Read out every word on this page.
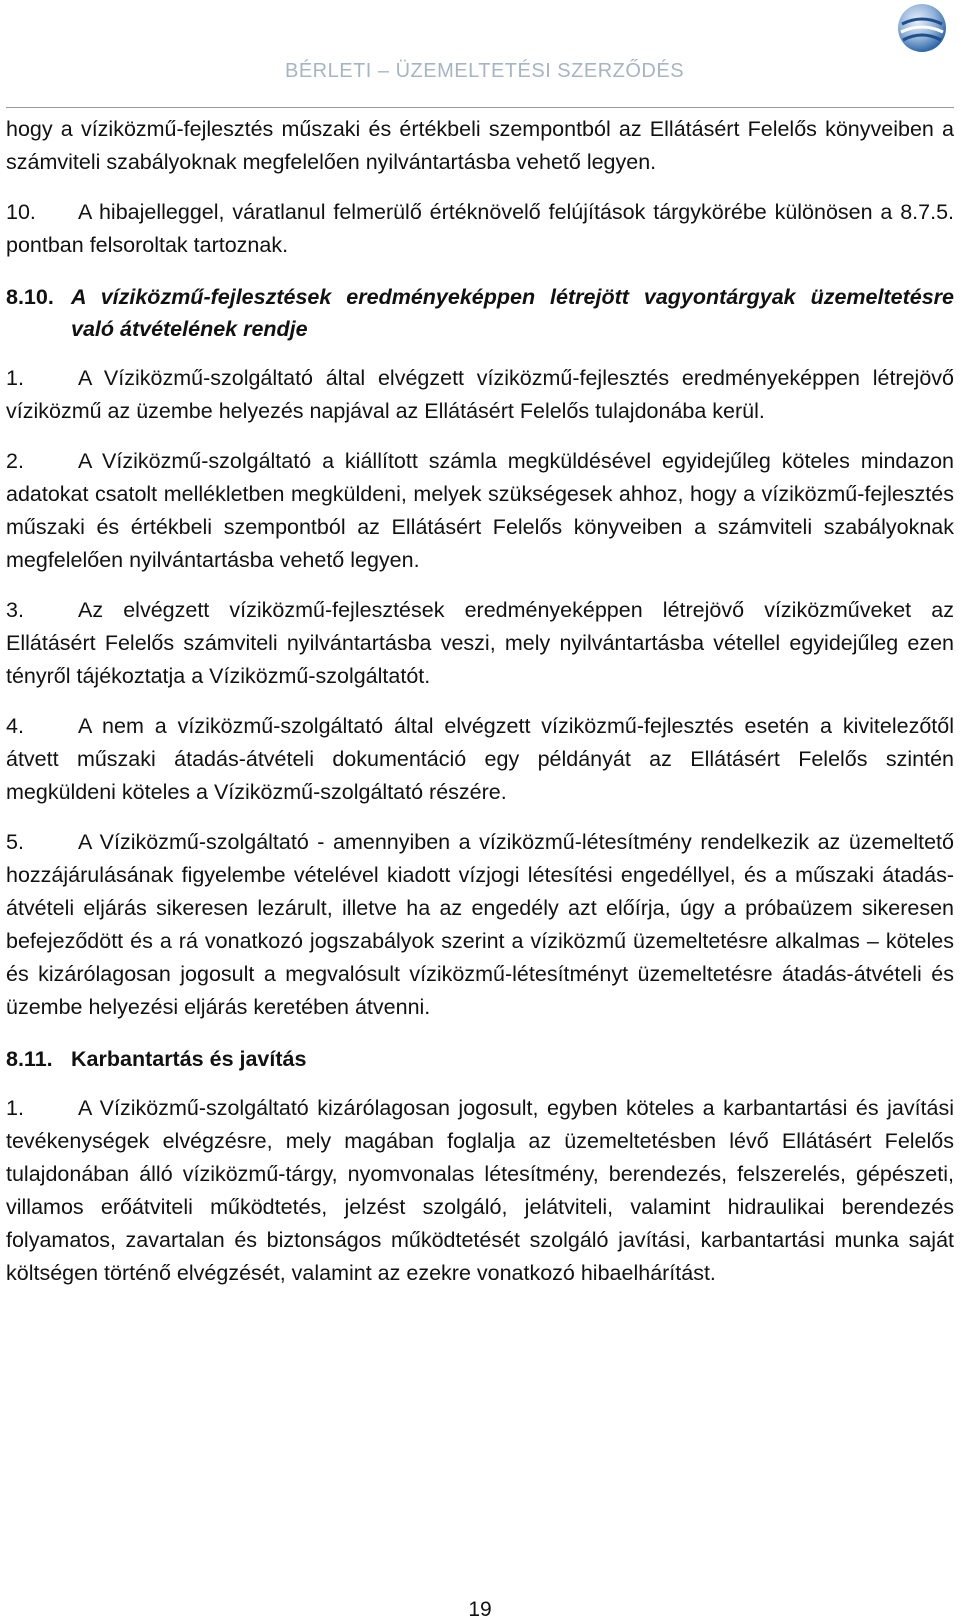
BÉRLETI – ÜZEMELTETÉSI SZERZŐDÉS

hogy a víziközmű-fejlesztés műszaki és értékbeli szempontból az Ellátásért Felelős könyveiben a számviteli szabályoknak megfelelően nyilvántartásba vehető legyen.

10. A hibajelleggel, váratlanul felmerülő értéknövelő felújítások tárgykörébe különösen a 8.7.5. pontban felsoroltak tartoznak.

8.10. A víziközmű-fejlesztések eredményeképpen létrejött vagyontárgyak üzemeltetésre való átvételének rendje

1.	A Víziközmű-szolgáltató által elvégzett víziközmű-fejlesztés eredményeképpen létrejövő víziközmű az üzembe helyezés napjával az Ellátásért Felelős tulajdonába kerül.

2.	A Víziközmű-szolgáltató a kiállított számla megküldésével egyidejűleg köteles mindazon adatokat csatolt mellékletben megküldeni, melyek szükségesek ahhoz, hogy a víziközmű-fejlesztés műszaki és értékbeli szempontból az Ellátásért Felelős könyveiben a számviteli szabályoknak megfelelően nyilvántartásba vehető legyen.

3.	Az elvégzett víziközmű-fejlesztések eredményeképpen létrejövő víziközműveket az Ellátásért Felelős számviteli nyilvántartásba veszi, mely nyilvántartásba vétellel egyidejűleg ezen tényről tájékoztatja a Víziközmű-szolgáltatót.

4.	A nem a víziközmű-szolgáltató által elvégzett víziközmű-fejlesztés esetén a kivitelezőtől átvett műszaki átadás-átvételi dokumentáció egy példányát az Ellátásért Felelős szintén megküldeni köteles a Víziközmű-szolgáltató részére.

5.	A Víziközmű-szolgáltató - amennyiben a víziközmű-létesítmény rendelkezik az üzemeltető hozzájárulásának figyelembe vételével kiadott vízjogi létesítési engedéllyel, és a műszaki átadás-átvételi eljárás sikeresen lezárult, illetve ha az engedély azt előírja, úgy a próbaüzem sikeresen befejeződött és a rá vonatkozó jogszabályok szerint a víziközmű üzemeltetésre alkalmas – köteles és kizárólagosan jogosult a megvalósult víziközmű-létesítményt üzemeltetésre átadás-átvételi és üzembe helyezési eljárás keretében átvenni.

8.11. Karbantartás és javítás

1.	A Víziközmű-szolgáltató kizárólagosan jogosult, egyben köteles a karbantartási és javítási tevékenységek elvégzésre, mely magában foglalja az üzemeltetésben lévő Ellátásért Felelős tulajdonában álló víziközmű-tárgy, nyomvonalas létesítmény, berendezés, felszerelés, gépészeti, villamos erőátviteli működtetés, jelzést szolgáló, jelátviteli, valamint hidraulikai berendezés folyamatos, zavartalan és biztonságos működtetését szolgáló javítási, karbantartási munka saját költségen történő elvégzését, valamint az ezekre vonatkozó hibaelhárítást.

19
